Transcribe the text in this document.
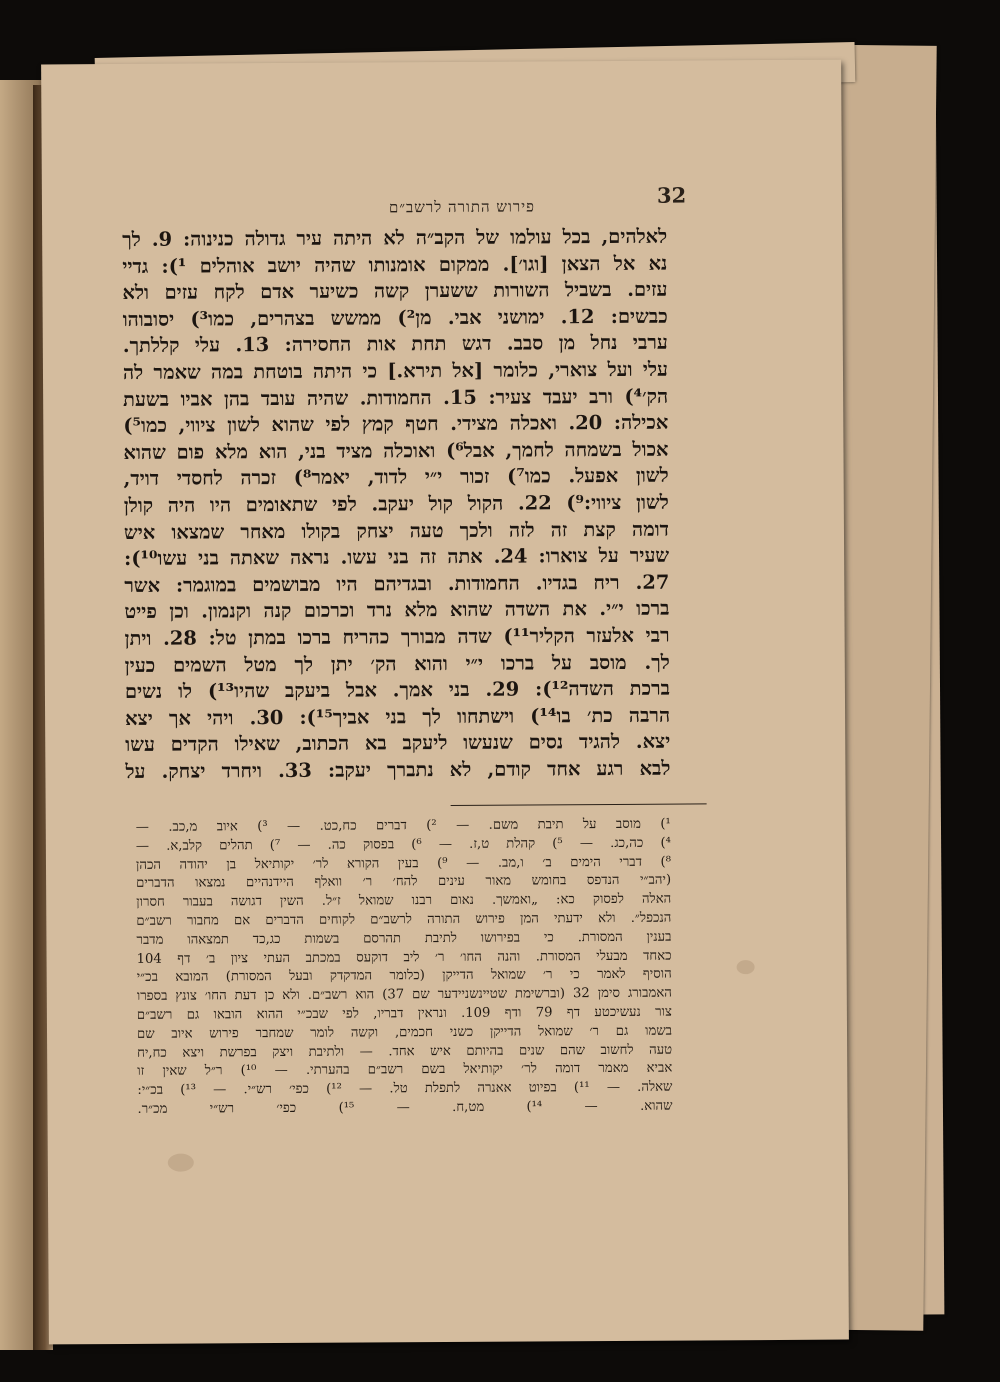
32
פירוש התורה לרשב״ם
לאלהים, בכל עולמו של הקב״ה לא היתה עיר גדולה כנינוה: 9. לך
נא אל הצאן [וגו׳]. ממקום אומנותו שהיה יושב אוהלים ¹): גדיי
עזים. בשביל השורות ששערן קשה כשיער אדם לקח עזים ולא
כבשים: 12. ימושני אבי. מן²) ממשש בצהרים, כמו³) יסובוהו
ערבי נחל מן סבב. דגש תחת אות החסירה: 13. עלי קללתך.
עלי ועל צוארי, כלומר [אל תירא.] כי היתה בוטחת במה שאמר לה
הק׳⁴) ורב יעבד צעיר: 15. החמודות. שהיה עובד בהן אביו בשעת
אכילה: 20. ואכלה מצידי. חטף קמץ לפי שהוא לשון ציווי, כמו⁵)
אכול בשמחה לחמך, אבל⁶) ואוכלה מציד בני, הוא מלא פום שהוא
לשון אפעל. כמו⁷) זכור י״י לדוד, יאמר⁸) זכרה לחסדי דויד,
לשון ציווי:⁹) 22. הקול קול יעקב. לפי שתאומים היו היה קולן
דומה קצת זה לזה ולכך טעה יצחק בקולו מאחר שמצאו איש
שעיר על צוארו: 24. אתה זה בני עשו. נראה שאתה בני עשו¹⁰):
27. ריח בגדיו. החמודות. ובגדיהם היו מבושמים במוגמר: אשר
ברכו י״י. את השדה שהוא מלא נרד וכרכום קנה וקנמון. וכן פייט
רבי אלעזר הקליר¹¹) שדה מבורך כהריח ברכו במתן טל: 28. ויתן
לך. מוסב על ברכו י״י והוא הק׳ יתן לך מטל השמים כעין
ברכת השדה¹²): 29. בני אמך. אבל ביעקב שהיו¹³) לו נשים
הרבה כת׳ בו¹⁴) וישתחוו לך בני אביך¹⁵): 30. ויהי אך יצא
יצא. להגיד נסים שנעשו ליעקב בא הכתוב, שאילו הקדים עשו
לבא רגע אחד קודם, לא נתברך יעקב: 33. ויחרד יצחק. על
¹) מוסב על תיבת משם. — ²) דברים כח,כט. — ³) איוב מ,כב. —
⁴) כה,כג. — ⁵) קהלת ט,ז. — ⁶) בפסוק כה. — ⁷) תהלים קלב,א. —
⁸) דברי הימים ב׳ ו,מב. — ⁹) בעין הקורא לר׳ יקותיאל בן יהודה הכהן
(יהב״י הנדפס בחומש מאור עינים להח׳ ר׳ וואלף היידנהיים נמצאו הדברים
האלה לפסוק כא: „ואמשך. נאום רבנו שמואל ז״ל. השין דגושה בעבור חסרון
הנכפל״. ולא ידעתי המן פירוש התורה לרשב״ם לקוחים הדברים אם מחבור רשב״ם
בענין המסורת. כי בפירושו לתיבת תהרסם בשמות כג,כד תמצאהו מדבר
כאחד מבעלי המסורת. והנה החו׳ ר׳ ליב דוקעס במכתב העתי ציון ב׳ דף 104
הוסיף לאמר כי ר׳ שמואל הדייקן (כלומר המדקדק ובעל המסורת) המובא בכ״י
האמבורג סימן 32 (וברשימת שטיינשניידער שם 37) הוא רשב״ם. ולא כן דעת החו׳ צונץ בספרו
צור נעשיכטע דף 79 ודף 109. ונראין דבריו, לפי שבכ״י ההוא הובאו גם רשב״ם
בשמו גם ר׳ שמואל הדייקן כשני חכמים, וקשה לומר שמחבר פירוש איוב שם
טעה לחשוב שהם שנים בהיותם איש אחד. — ולתיבת ויצק בפרשת ויצא כח,יח
אביא מאמר דומה לר׳ יקותיאל בשם רשב״ם בהערתי. — ¹⁰) ר״ל שאין זו
שאלה. — ¹¹) בפיוט אאנרה לתפלת טל. — ¹²) כפי׳ רש״י. — ¹³) בכ״י:
שהוא. — ¹⁴) מט,ח. — ¹⁵) כפי׳ רש״י מכ״ר.
